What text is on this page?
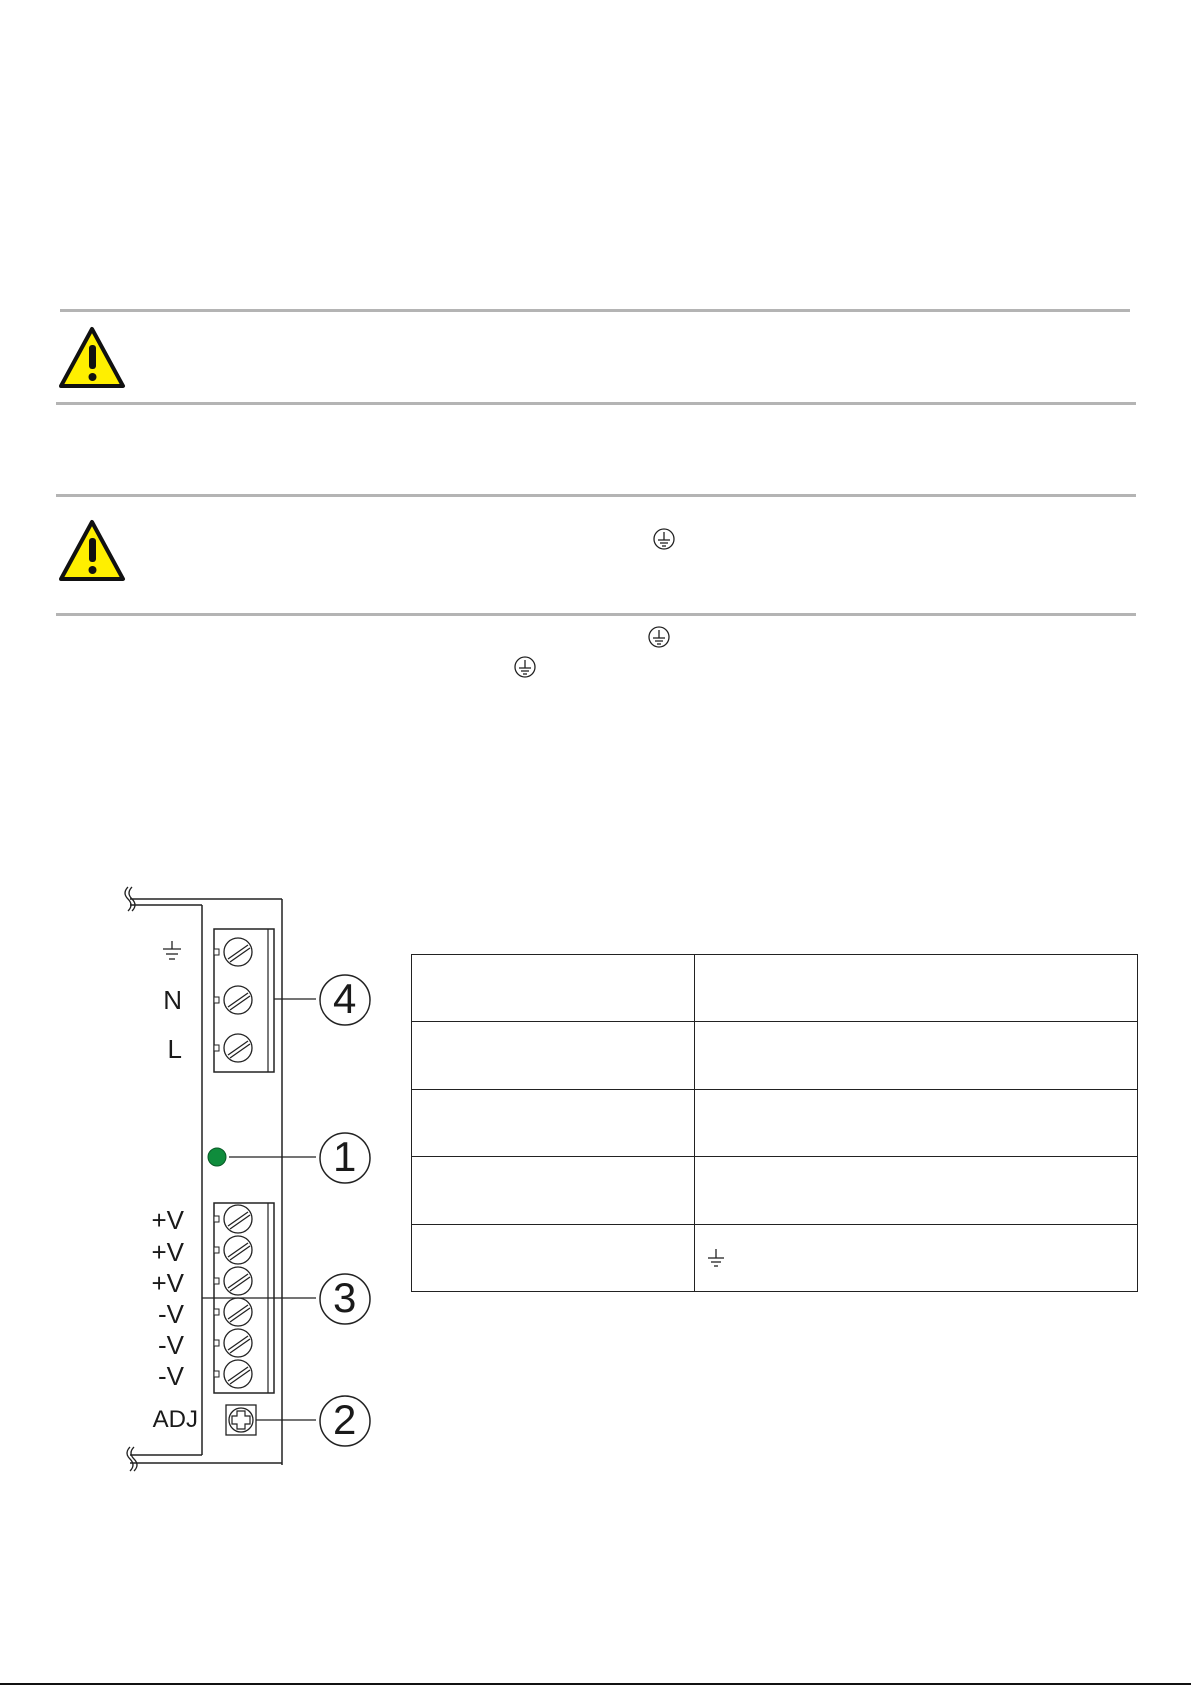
N
L
+V
+V
+V
-V
-V
-V
ADJ
4
1
3
2
